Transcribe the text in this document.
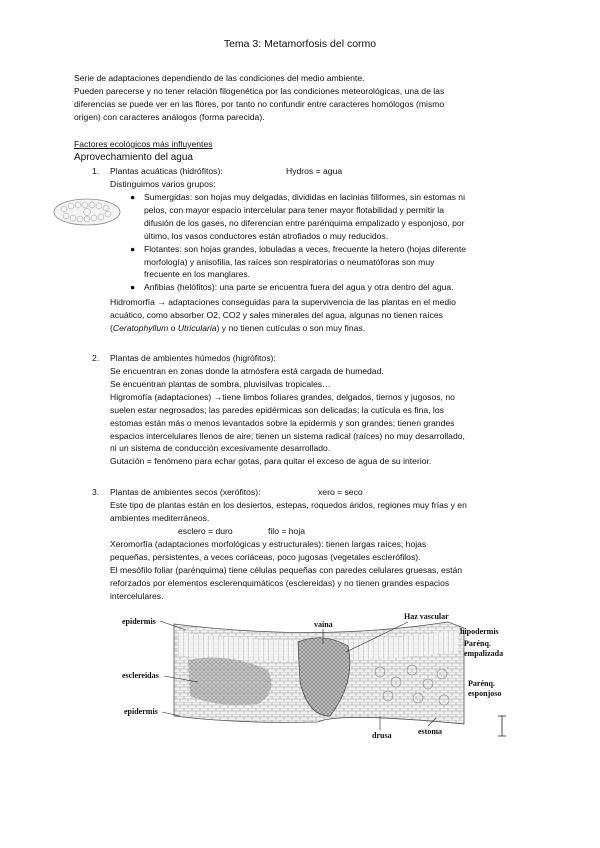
Tema 3: Metamorfosis del cormo
Serie de adaptaciones dependiendo de las condiciones del medio ambiente.
Pueden parecerse y no tener relación filogenética por las condiciones meteorológicas, una de las
diferencias se puede ver en las flores, por tanto no confundir entre caracteres homólogos (mismo
origen) con caracteres análogos (forma parecida).
Factores ecológicos más influyentes
Aprovechamiento del agua
1. Plantas acuáticas (hidrófitos):	Hydros = agua
Distinguimos varios grupos:
● Sumergidas: son hojas muy delgadas, divididas en lacinias filiformes, sin estomas ni
pelos, con mayor espacio intercelular para tener mayor flotabilidad y permitir la
difusión de los gases, no diferencian entre parénquima empalizado y esponjoso, por
último, los vasos conductores están atrofiados o muy reducidos.
● Flotantes: son hojas grandes, lobuladas a veces, frecuente la hetero (hojas diferente
morfología) y anisofilia, las raíces son respiratorias o neumatóforas son muy
frecuente en los manglares.
● Anfibias (helófitos): una parte se encuentra fuera del agua y otra dentro del agua.
Hidromorfía → adaptaciones conseguidas para la supervivencia de las plantas en el medio
acuático, como absorber O2, CO2 y sales minerales del agua, algunas no tienen raíces
(Ceratophyllum o Utricularia) y no tienen cutículas o son muy finas.
2. Plantas de ambientes húmedos (higrófitos):
Se encuentran en zonas donde la atmósfera está cargada de humedad.
Se encuentran plantas de sombra, pluvisilvas tropicales…
Higromofía (adaptaciones) →tiene limbos foliares grandes, delgados, tiernos y jugosos, no
suelen estar negrosados; las paredes epidérmicas son delicadas; la cutícula es fina, los
estomas están más o menos levantados sobre la epidermis y son grandes; tienen grandes
espacios intercelulares llenos de aire; tienen un sistema radical (raíces) no muy desarrollado,
ni un sistema de conducción excesivamente desarrollado.
Gutación = fenómeno para echar gotas, para quitar el exceso de agua de su interior.
3. Plantas de ambientes secos (xerófitos):	xero = seco
Este tipo de plantas están en los desiertos, estepas, roquedos áridos, regiones muy frías y en
ambientes mediterráneos.
esclero = duro	filo = hoja
Xeromorfía (adaptaciones morfológicas y estructurales): tienen largas raíces; hojas
pequeñas, persistentes, a veces coriáceas, poco jugosas (vegetales esclerófilos).
El mesófilo foliar (parénquima) tiene células pequeñas con paredes celulares gruesas, están
reforzados por elementos esclerenquimáticos (esclereidas) y no tienen grandes espacios
intercelulares.
epidermis	vaina
Haz vascular
hipodermis
Parénq.
empalizada
esclereidas
Parénq.
esponjoso
epidermis
drusa	estoma
